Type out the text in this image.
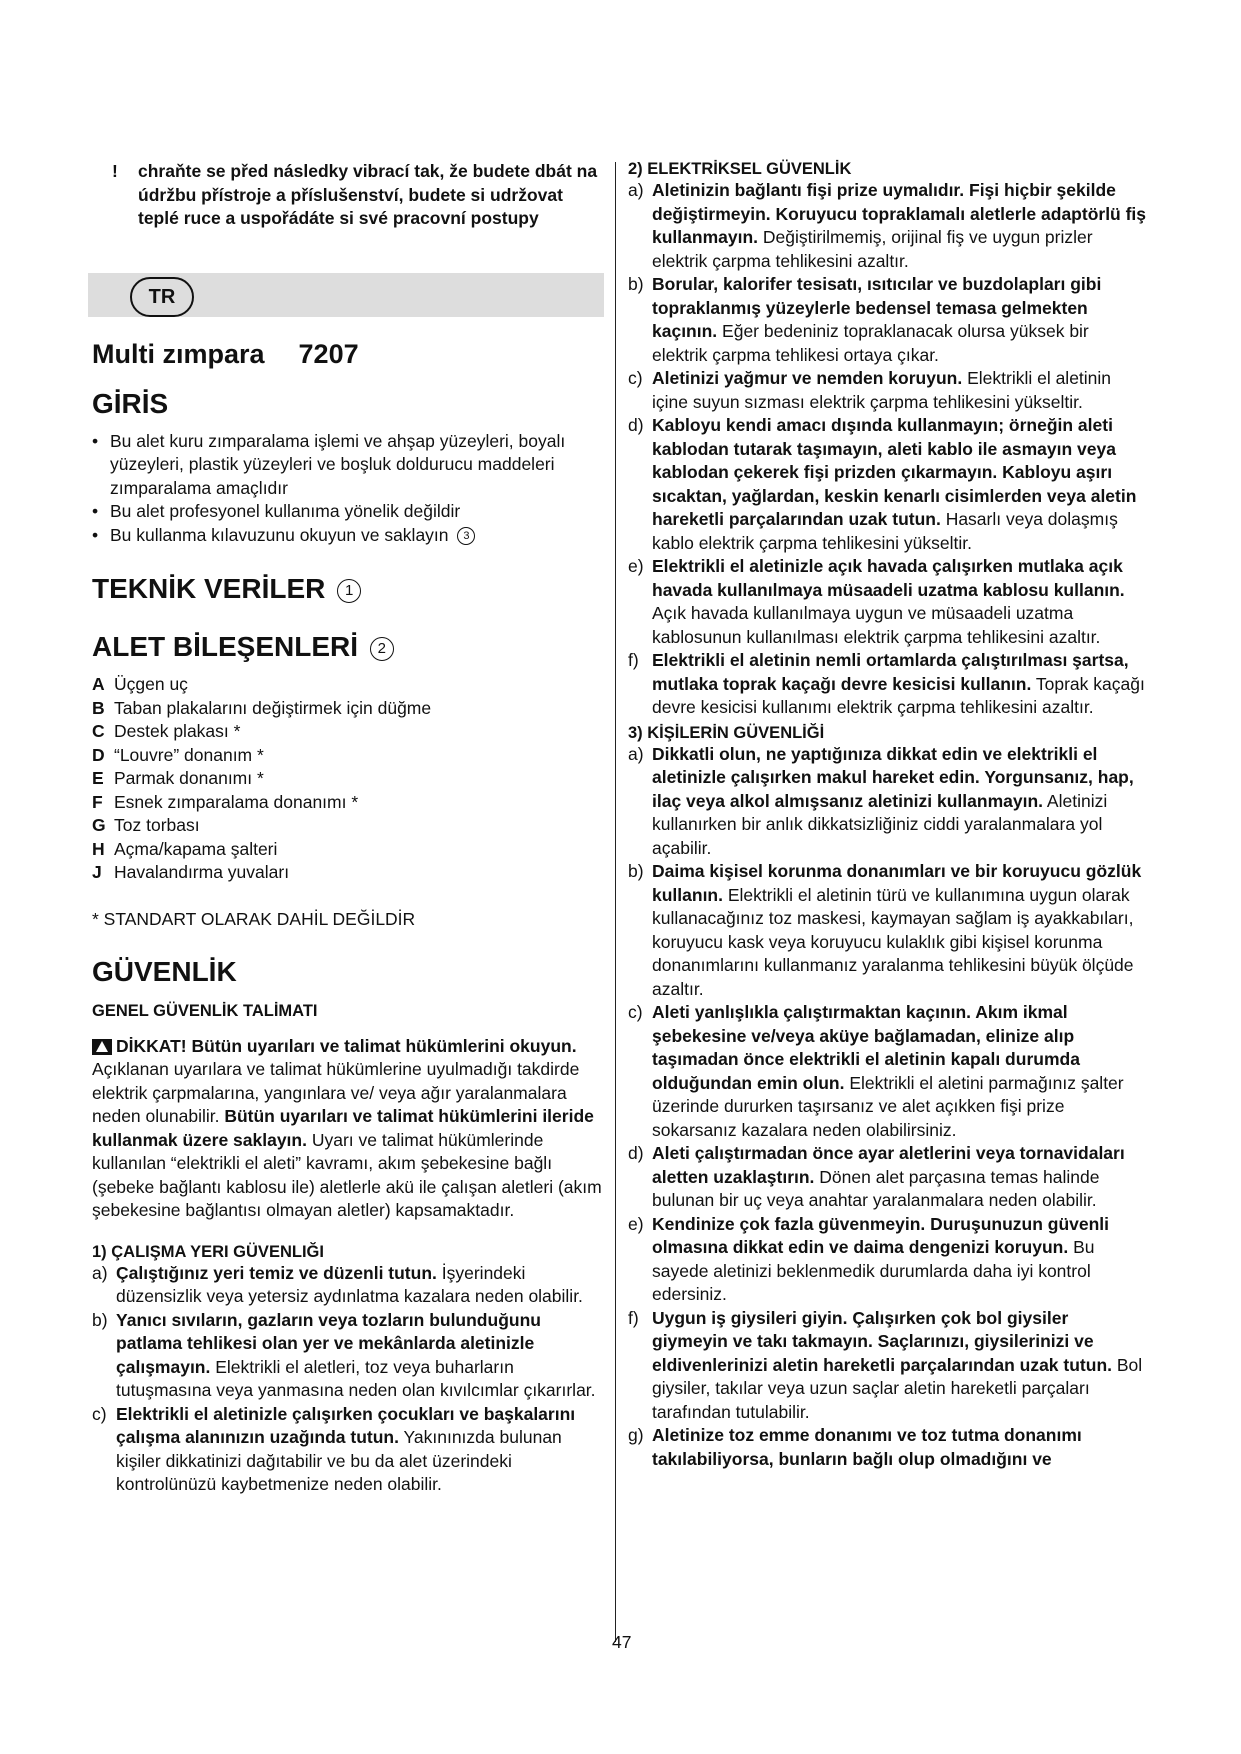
! chraňte se před následky vibrací tak, že budete dbát na údržbu přístroje a příslušenství, budete si udržovat teplé ruce a uspořádáte si své pracovní postupy
TR
Multi zımpara 7207
GİRİS
• Bu alet kuru zımparalama işlemi ve ahşap yüzeyleri, boyalı yüzeyleri, plastik yüzeyleri ve boşluk doldurucu maddeleri zımparalama amaçlıdır
• Bu alet profesyonel kullanıma yönelik değildir
• Bu kullanma kılavuzunu okuyun ve saklayın 3
TEKNİK VERİLER 1
ALET BİLEŞENLERİ 2
A Üçgen uç
B Taban plakalarını değiştirmek için düğme
C Destek plakası *
D “Louvre” donanım *
E Parmak donanımı *
F Esnek zımparalama donanımı *
G Toz torbası
H Açma/kapama şalteri
J Havalandırma yuvaları
* STANDART OLARAK DAHİL DEĞİLDİR
GÜVENLİK
GENEL GÜVENLİK TALİMATI
DİKKAT! Bütün uyarıları ve talimat hükümlerini okuyun. Açıklanan uyarılara ve talimat hükümlerine uyulmadığı takdirde elektrik çarpmalarına, yangınlara ve/ veya ağır yaralanmalara neden olunabilir. Bütün uyarıları ve talimat hükümlerini ileride kullanmak üzere saklayın. Uyarı ve talimat hükümlerinde kullanılan “elektrikli el aleti” kavramı, akım şebekesine bağlı (şebeke bağlantı kablosu ile) aletlerle akü ile çalışan aletleri (akım şebekesine bağlantısı olmayan aletler) kapsamaktadır.
1) ÇALIŞMA YERI GÜVENLIĞI
a) Çalıştığınız yeri temiz ve düzenli tutun. İşyerindeki düzensizlik veya yetersiz aydınlatma kazalara neden olabilir.
b) Yanıcı sıvıların, gazların veya tozların bulunduğunu patlama tehlikesi olan yer ve mekânlarda aletinizle çalışmayın. Elektrikli el aletleri, toz veya buharların tutuşmasına veya yanmasına neden olan kıvılcımlar çıkarırlar.
c) Elektrikli el aletinizle çalışırken çocukları ve başkalarını çalışma alanınızın uzağında tutun. Yakınınızda bulunan kişiler dikkatinizi dağıtabilir ve bu da alet üzerindeki kontrolünüzü kaybetmenize neden olabilir.
2) ELEKTRİKSEL GÜVENLİK
a) Aletinizin bağlantı fişi prize uymalıdır. Fişi hiçbir şekilde değiştirmeyin. Koruyucu topraklamalı aletlerle adaptörlü fiş kullanmayın. Değiştirilmemiş, orijinal fiş ve uygun prizler elektrik çarpma tehlikesini azaltır.
b) Borular, kalorifer tesisatı, ısıtıcılar ve buzdolapları gibi topraklanmış yüzeylerle bedensel temasa gelmekten kaçının. Eğer bedeniniz topraklanacak olursa yüksek bir elektrik çarpma tehlikesi ortaya çıkar.
c) Aletinizi yağmur ve nemden koruyun. Elektrikli el aletinin içine suyun sızması elektrik çarpma tehlikesini yükseltir.
d) Kabloyu kendi amacı dışında kullanmayın; örneğin aleti kablodan tutarak taşımayın, aleti kablo ile asmayın veya kablodan çekerek fişi prizden çıkarmayın. Kabloyu aşırı sıcaktan, yağlardan, keskin kenarlı cisimlerden veya aletin hareketli parçalarından uzak tutun. Hasarlı veya dolaşmış kablo elektrik çarpma tehlikesini yükseltir.
e) Elektrikli el aletinizle açık havada çalışırken mutlaka açık havada kullanılmaya müsaadeli uzatma kablosu kullanın. Açık havada kullanılmaya uygun ve müsaadeli uzatma kablosunun kullanılması elektrik çarpma tehlikesini azaltır.
f) Elektrikli el aletinin nemli ortamlarda çalıştırılması şartsa, mutlaka toprak kaçağı devre kesicisi kullanın. Toprak kaçağı devre kesicisi kullanımı elektrik çarpma tehlikesini azaltır.
3) KİŞİLERİN GÜVENLİĞİ
a) Dikkatli olun, ne yaptığınıza dikkat edin ve elektrikli el aletinizle çalışırken makul hareket edin. Yorgunsanız, hap, ilaç veya alkol almışsanız aletinizi kullanmayın. Aletinizi kullanırken bir anlık dikkatsizliğiniz ciddi yaralanmalara yol açabilir.
b) Daima kişisel korunma donanımları ve bir koruyucu gözlük kullanın. Elektrikli el aletinin türü ve kullanımına uygun olarak kullanacağınız toz maskesi, kaymayan sağlam iş ayakkabıları, koruyucu kask veya koruyucu kulaklık gibi kişisel korunma donanımlarını kullanmanız yaralanma tehlikesini büyük ölçüde azaltır.
c) Aleti yanlışlıkla çalıştırmaktan kaçının. Akım ikmal şebekesine ve/veya aküye bağlamadan, elinize alıp taşımadan önce elektrikli el aletinin kapalı durumda olduğundan emin olun. Elektrikli el aletini parmağınız şalter üzerinde dururken taşırsanız ve alet açıkken fişi prize sokarsanız kazalara neden olabilirsiniz.
d) Aleti çalıştırmadan önce ayar aletlerini veya tornavidaları aletten uzaklaştırın. Dönen alet parçasına temas halinde bulunan bir uç veya anahtar yaralanmalara neden olabilir.
e) Kendinize çok fazla güvenmeyin. Duruşunuzun güvenli olmasına dikkat edin ve daima dengenizi koruyun. Bu sayede aletinizi beklenmedik durumlarda daha iyi kontrol edersiniz.
f) Uygun iş giysileri giyin. Çalışırken çok bol giysiler giymeyin ve takı takmayın. Saçlarınızı, giysilerinizi ve eldivenlerinizi aletin hareketli parçalarından uzak tutun. Bol giysiler, takılar veya uzun saçlar aletin hareketli parçaları tarafından tutulabilir.
g) Aletinize toz emme donanımı ve toz tutma donanımı takılabiliyorsa, bunların bağlı olup olmadığını ve
47
